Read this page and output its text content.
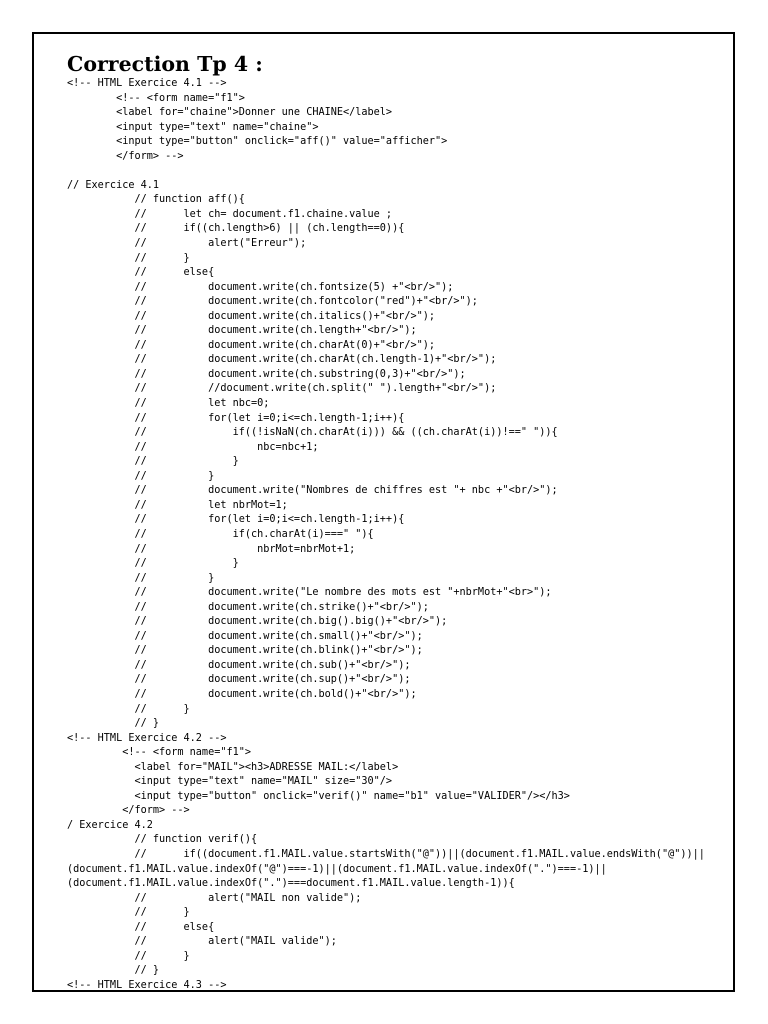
Correction Tp 4 :
<!-- HTML Exercice 4.1 -->
<!-- <form name="f1">
<label for="chaine">Donner une CHAINE</label>
<input type="text" name="chaine">
<input type="button" onclick="aff()" value="afficher">
</form> -->
// Exercice 4.1
// function aff(){
//      let ch= document.f1.chaine.value ;
//      if((ch.length>6) || (ch.length==0)){
//          alert("Erreur");
//      }
//      else{
//          document.write(ch.fontsize(5) +"<br/>");
//          document.write(ch.fontcolor("red")+"<br/>");
//          document.write(ch.italics()+"<br/>");
//          document.write(ch.length+"<br/>");
//          document.write(ch.charAt(0)+"<br/>");
//          document.write(ch.charAt(ch.length-1)+"<br/>");
//          document.write(ch.substring(0,3)+"<br/>");
//          //document.write(ch.split(" ").length+"<br/>");
//          let nbc=0;
//          for(let i=0;i<=ch.length-1;i++){
//              if((!isNaN(ch.charAt(i))) && ((ch.charAt(i))!==" ")){
//                  nbc=nbc+1;
//              }
//          }
//          document.write("Nombres de chiffres est "+ nbc +"<br/>");
//          let nbrMot=1;
//          for(let i=0;i<=ch.length-1;i++){
//              if(ch.charAt(i)===" "){
//                  nbrMot=nbrMot+1;
//              }
//          }
//          document.write("Le nombre des mots est "+nbrMot+"<br>");
//          document.write(ch.strike()+"<br/>");
//          document.write(ch.big().big()+"<br/>");
//          document.write(ch.small()+"<br/>");
//          document.write(ch.blink()+"<br/>");
//          document.write(ch.sub()+"<br/>");
//          document.write(ch.sup()+"<br/>");
//          document.write(ch.bold()+"<br/>");
//      }
// }
<!-- HTML Exercice 4.2 -->
<!-- <form name="f1">
<label for="MAIL"><h3>ADRESSE MAIL:</label>
<input type="text" name="MAIL" size="30"/>
<input type="button" onclick="verif()" name="b1" value="VALIDER"/></h3>
</form> -->
/ Exercice 4.2
// function verif(){
//      if((document.f1.MAIL.value.startsWith("@"))||(document.f1.MAIL.value.endsWith("@"))||
(document.f1.MAIL.value.indexOf("@")===-1)||(document.f1.MAIL.value.indexOf(".")===-1)||
(document.f1.MAIL.value.indexOf(".")===document.f1.MAIL.value.length-1)){
//          alert("MAIL non valide");
//      }
//      else{
//          alert("MAIL valide");
//      }
// }
<!-- HTML Exercice 4.3 -->
